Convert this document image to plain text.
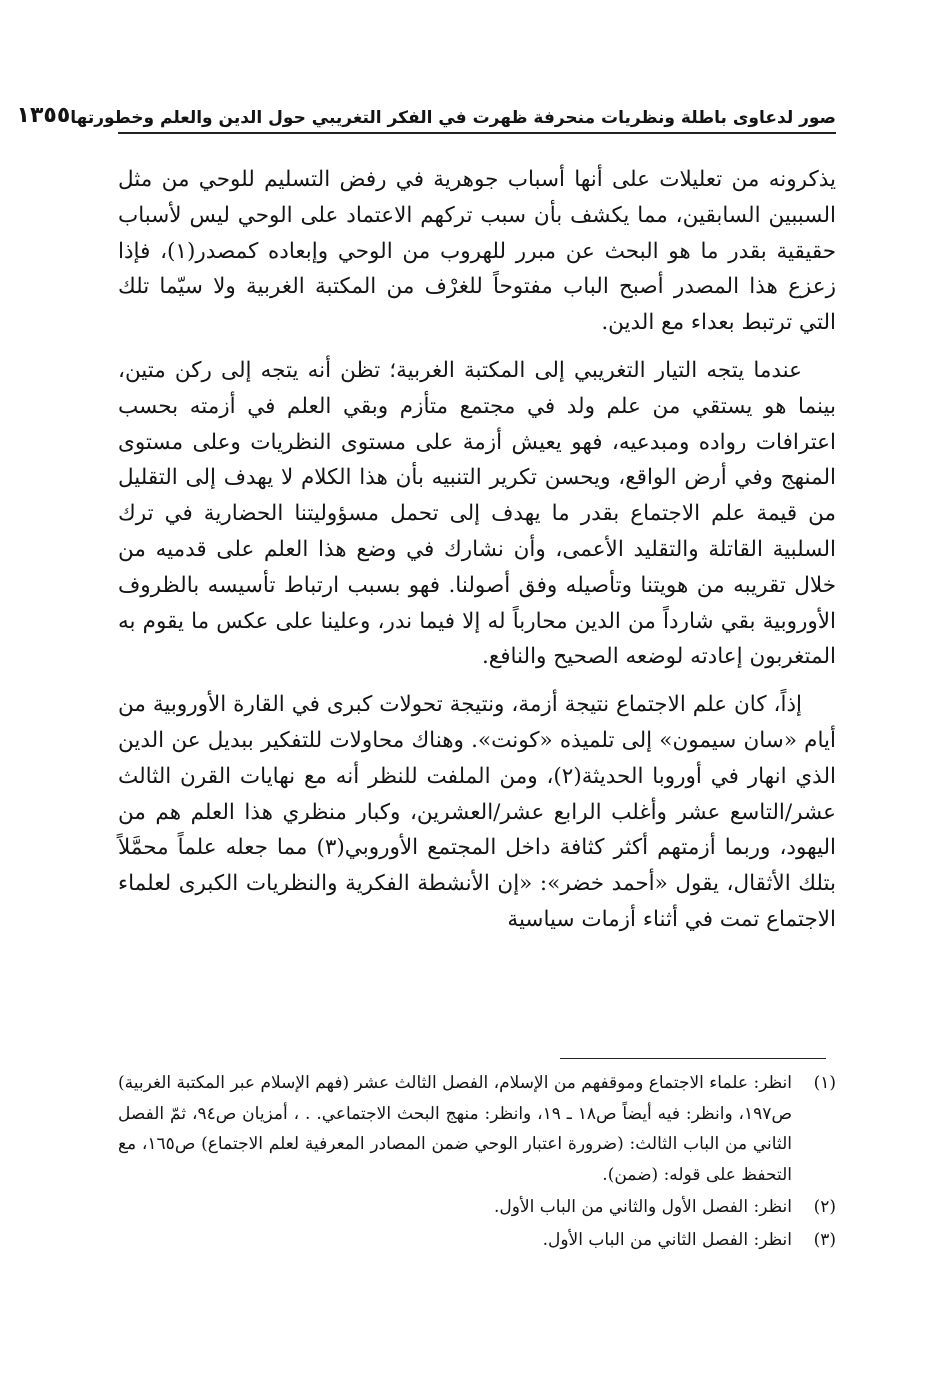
صور لدعاوى باطلة ونظريات منحرفة ظهرت في الفكر التغريبي حول الدين والعلم وخطورتها
١٣٥٥

يذكرونه من تعليلات على أنها أسباب جوهرية في رفض التسليم للوحي من مثل السببين السابقين، مما يكشف بأن سبب تركهم الاعتماد على الوحي ليس لأسباب حقيقية بقدر ما هو البحث عن مبرر للهروب من الوحي وإبعاده كمصدر(١)، فإذا زعزع هذا المصدر أصبح الباب مفتوحاً للغرْف من المكتبة الغربية ولا سيّما تلك التي ترتبط بعداء مع الدين.

عندما يتجه التيار التغريبي إلى المكتبة الغربية؛ تظن أنه يتجه إلى ركن متين، بينما هو يستقي من علم ولد في مجتمع متأزم وبقي العلم في أزمته بحسب اعترافات رواده ومبدعيه، فهو يعيش أزمة على مستوى النظريات وعلى مستوى المنهج وفي أرض الواقع، ويحسن تكرير التنبيه بأن هذا الكلام لا يهدف إلى التقليل من قيمة علم الاجتماع بقدر ما يهدف إلى تحمل مسؤوليتنا الحضارية في ترك السلبية القاتلة والتقليد الأعمى، وأن نشارك في وضع هذا العلم على قدميه من خلال تقريبه من هويتنا وتأصيله وفق أصولنا. فهو بسبب ارتباط تأسيسه بالظروف الأوروبية بقي شارداً من الدين محارباً له إلا فيما ندر، وعلينا على عكس ما يقوم به المتغربون إعادته لوضعه الصحيح والنافع.

إذاً، كان علم الاجتماع نتيجة أزمة، ونتيجة تحولات كبرى في القارة الأوروبية من أيام «سان سيمون» إلى تلميذه «كونت». وهناك محاولات للتفكير ببديل عن الدين الذي انهار في أوروبا الحديثة(٢)، ومن الملفت للنظر أنه مع نهايات القرن الثالث عشر/التاسع عشر وأغلب الرابع عشر/العشرين، وكبار منظري هذا العلم هم من اليهود، وربما أزمتهم أكثر كثافة داخل المجتمع الأوروبي(٣) مما جعله علماً محمَّلاً بتلك الأثقال، يقول «أحمد خضر»: «إن الأنشطة الفكرية والنظريات الكبرى لعلماء الاجتماع تمت في أثناء أزمات سياسية

(١)
انظر: علماء الاجتماع وموقفهم من الإسلام، الفصل الثالث عشر (فهم الإسلام عبر المكتبة الغربية) ص١٩٧، وانظر: فيه أيضاً ص١٨ ـ ١٩، وانظر: منهج البحث الاجتماعي. . ، أمزيان ص٩٤، ثمّ الفصل الثاني من الباب الثالث: (ضرورة اعتبار الوحي ضمن المصادر المعرفية لعلم الاجتماع) ص١٦٥، مع التحفظ على قوله: (ضمن).
(٢)
انظر: الفصل الأول والثاني من الباب الأول.
(٣)
انظر: الفصل الثاني من الباب الأول.
